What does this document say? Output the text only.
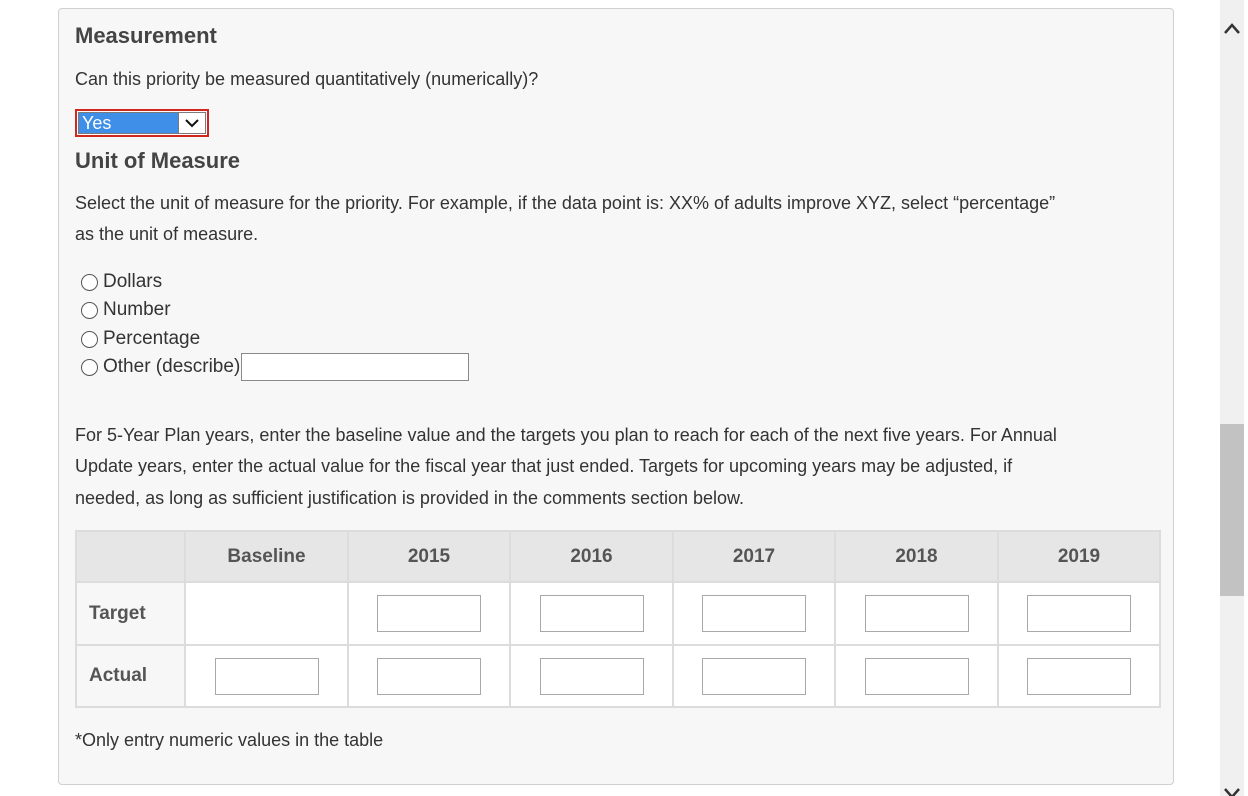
Measurement

Can this priority be measured quantitatively (numerically)?

Yes
Unit of Measure

Select the unit of measure for the priority. For example, if the data point is: XX% of adults improve XYZ, select “percentage”

as the unit of measure.

Dollars
Number
Percentage
Other (describe)

For 5-Year Plan years, enter the baseline value and the targets you plan to reach for each of the next five years. For Annual

Update years, enter the actual value for the fiscal year that just ended. Targets for upcoming years may be adjusted, if

needed, as long as sufficient justification is provided in the comments section below.

	Baseline	2015	2016	2017	2018	2019
Target						
Actual						

*Only entry numeric values in the table
